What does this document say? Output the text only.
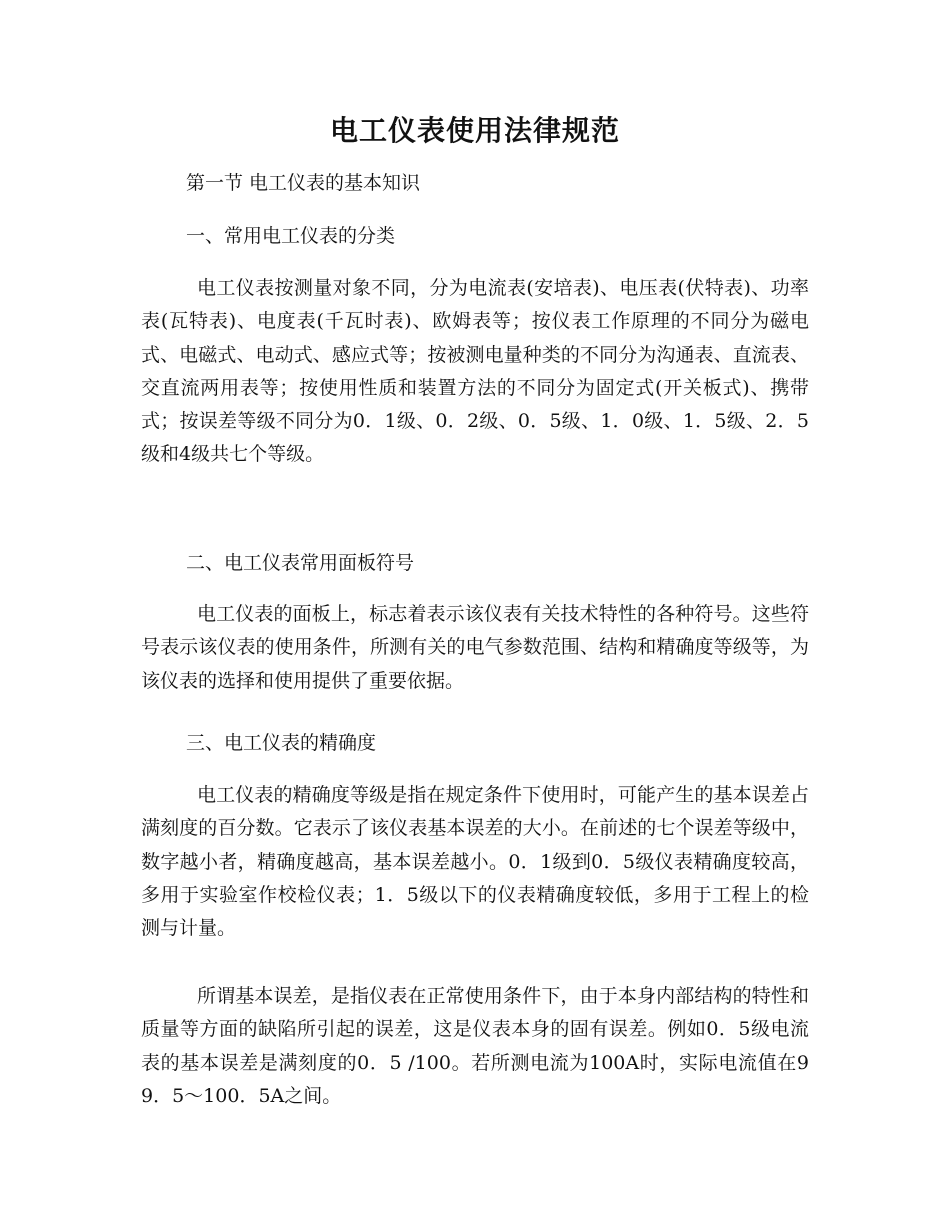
电工仪表使用法律规范

第一节 电工仪表的基本知识

一、常用电工仪表的分类

电工仪表按测量对象不同，分为电流表(安培表)、电压表(伏特表)、功率表(瓦特表)、电度表(千瓦时表)、欧姆表等；按仪表工作原理的不同分为磁电式、电磁式、电动式、感应式等；按被测电量种类的不同分为沟通表、直流表、交直流两用表等；按使用性质和装置方法的不同分为固定式(开关板式)、携带式；按误差等级不同分为0．1级、0．2级、0．5级、1．0级、1．5级、2．5级和4级共七个等级。

二、电工仪表常用面板符号

电工仪表的面板上，标志着表示该仪表有关技术特性的各种符号。这些符号表示该仪表的使用条件，所测有关的电气参数范围、结构和精确度等级等，为该仪表的选择和使用提供了重要依据。

三、电工仪表的精确度

电工仪表的精确度等级是指在规定条件下使用时，可能产生的基本误差占满刻度的百分数。它表示了该仪表基本误差的大小。在前述的七个误差等级中，数字越小者，精确度越高，基本误差越小。0．1级到0．5级仪表精确度较高，多用于实验室作校检仪表；1．5级以下的仪表精确度较低，多用于工程上的检测与计量。

所谓基本误差，是指仪表在正常使用条件下，由于本身内部结构的特性和质量等方面的缺陷所引起的误差，这是仪表本身的固有误差。例如0．5级电流表的基本误差是满刻度的0．5 /100。若所测电流为100A时，实际电流值在99．5～100．5A之间。
